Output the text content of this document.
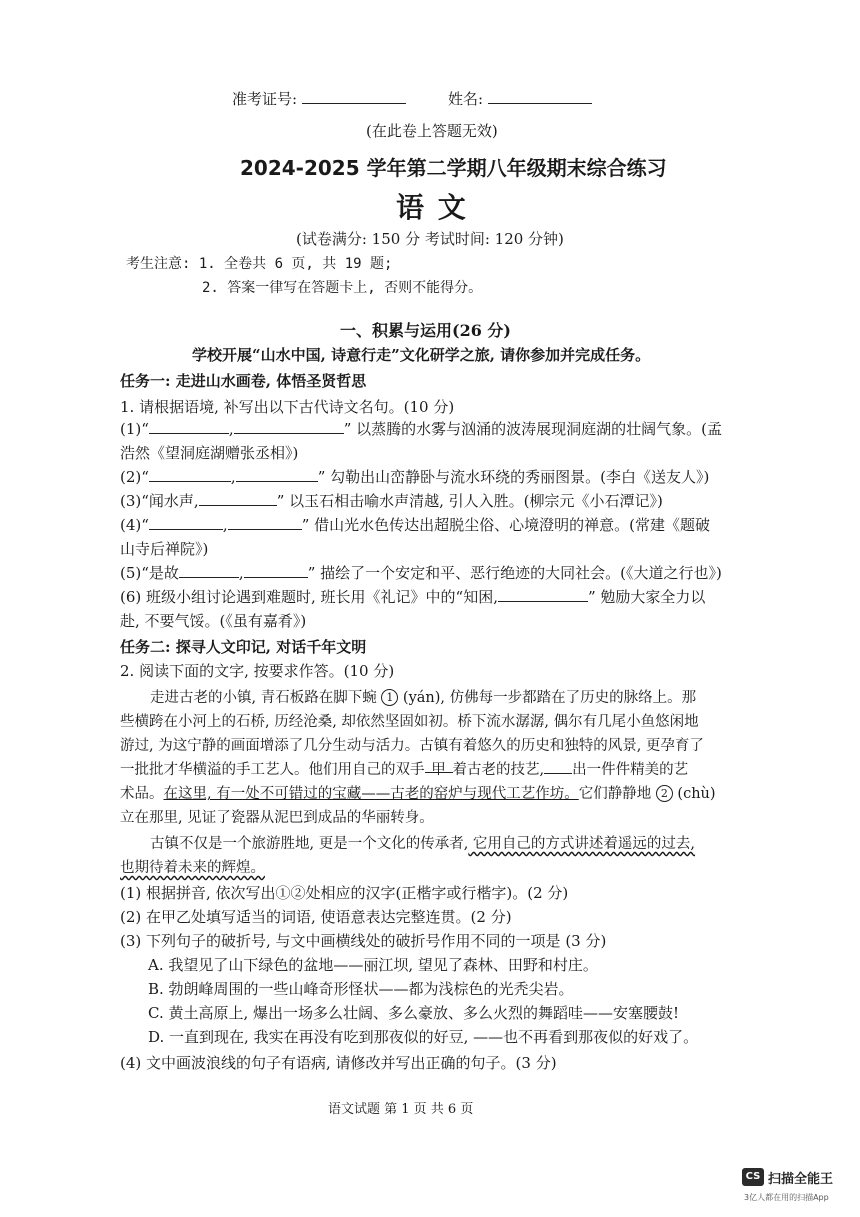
准考证号:	姓名:
(在此卷上答题无效)
2024-2025 学年第二学期八年级期末综合练习
语 文
(试卷满分: 150 分 考试时间: 120 分钟)
考生注意: 1. 全卷共 6 页, 共 19 题;
2. 答案一律写在答题卡上, 否则不能得分。
一、积累与运用(26 分)
学校开展“山水中国, 诗意行走”文化研学之旅, 请你参加并完成任务。
任务一: 走进山水画卷, 体悟圣贤哲思
1. 请根据语境, 补写出以下古代诗文名句。(10 分)
(1)“	,	” 以蒸腾的水雾与汹涌的波涛展现洞庭湖的壮阔气象。(孟
浩然《望洞庭湖赠张丞相》)
(2)“	,	” 勾勒出山峦静卧与流水环绕的秀丽图景。(李白《送友人》)
(3)“闻水声,	” 以玉石相击喻水声清越, 引人入胜。(柳宗元《小石潭记》)
(4)“	,	” 借山光水色传达出超脱尘俗、心境澄明的禅意。(常建《题破
山寺后禅院》)
(5)“是故	,	” 描绘了一个安定和平、恶行绝迹的大同社会。(《大道之行也》)
(6) 班级小组讨论遇到难题时, 班长用《礼记》中的“知困,	” 勉励大家全力以
赴, 不要气馁。(《虽有嘉肴》)
任务二: 探寻人文印记, 对话千年文明
2. 阅读下面的文字, 按要求作答。(10 分)
走进古老的小镇, 青石板路在脚下蜿 1 (yán), 仿佛每一步都踏在了历史的脉络上。那
些横跨在小河上的石桥, 历经沧桑, 却依然坚固如初。桥下流水潺潺, 偶尔有几尾小鱼悠闲地
游过, 为这宁静的画面增添了几分生动与活力。古镇有着悠久的历史和独特的风景, 更孕育了
一批批才华横溢的手工艺人。他们用自己的双手 甲 着古老的技艺, 出一件件精美的艺
术品。在这里, 有一处不可错过的宝藏——古老的窑炉与现代工艺作坊。它们静静地 2 (chù)
立在那里, 见证了瓷器从泥巴到成品的华丽转身。
古镇不仅是一个旅游胜地, 更是一个文化的传承者, 它用自己的方式讲述着遥远的过去,
也期待着未来的辉煌。
(1) 根据拼音, 依次写出①②处相应的汉字(正楷字或行楷字)。(2 分)
(2) 在甲乙处填写适当的词语, 使语意表达完整连贯。(2 分)
(3) 下列句子的破折号, 与文中画横线处的破折号作用不同的一项是 (3 分)
A. 我望见了山下绿色的盆地——丽江坝, 望见了森林、田野和村庄。
B. 勃朗峰周围的一些山峰奇形怪状——都为浅棕色的光秃尖岩。
C. 黄土高原上, 爆出一场多么壮阔、多么豪放、多么火烈的舞蹈哇——安塞腰鼓!
D. 一直到现在, 我实在再没有吃到那夜似的好豆, ——也不再看到那夜似的好戏了。
(4) 文中画波浪线的句子有语病, 请修改并写出正确的句子。(3 分)
语文试题 第 1 页 共 6 页
CS 扫描全能王
3亿人都在用的扫描App
